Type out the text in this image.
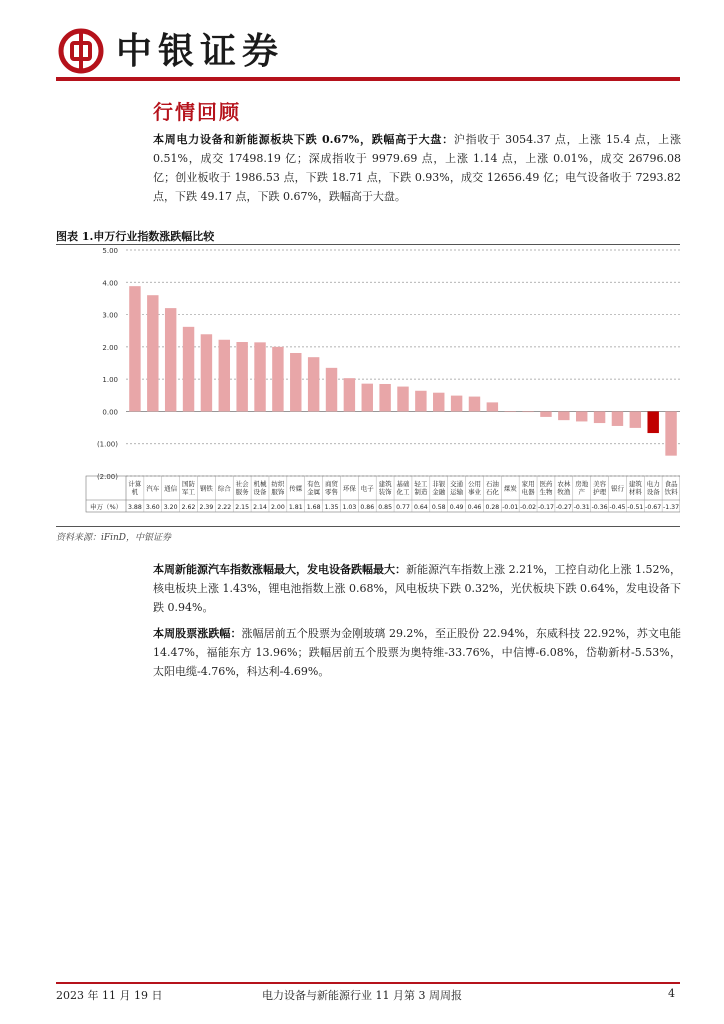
中银证券
行情回顾
本周电力设备和新能源板块下跌 0.67%，跌幅高于大盘：沪指收于 3054.37 点，上涨 15.4 点，上涨 0.51%，成交 17498.19 亿；深成指收于 9979.69 点，上涨 1.14 点，上涨 0.01%，成交 26796.08 亿；创业板收于 1986.53 点，下跌 18.71 点，下跌 0.93%，成交 12656.49 亿；电气设备收于 7293.82 点，下跌 49.17 点，下跌 0.67%，跌幅高于大盘。
图表 1.申万行业指数涨跌幅比较
5.00
4.00
3.00
2.00
1.00
0.00
(1.00)
(2.00)
申万（%）
计算机
3.88
汽车
3.60
通信
3.20
国防军工
2.62
钢铁
2.39
综合
2.22
社会服务
2.15
机械设备
2.14
纺织服饰
2.00
传媒
1.81
有色金属
1.68
商贸零售
1.35
环保
1.03
电子
0.86
建筑装饰
0.85
基础化工
0.77
轻工制造
0.64
非银金融
0.58
交通运输
0.49
公用事业
0.46
石油石化
0.28
煤炭
-0.01
家用电器
-0.02
医药生物
-0.17
农林牧渔
-0.27
房地产
-0.31
美容护理
-0.36
银行
-0.45
建筑材料
-0.51
电力设备
-0.67
食品饮料
-1.37
资料来源：iFinD，中银证券
本周新能源汽车指数涨幅最大，发电设备跌幅最大：新能源汽车指数上涨 2.21%，工控自动化上涨 1.52%，核电板块上涨 1.43%，锂电池指数上涨 0.68%，风电板块下跌 0.32%，光伏板块下跌 0.64%，发电设备下跌 0.94%。
本周股票涨跌幅：涨幅居前五个股票为金刚玻璃 29.2%，至正股份 22.94%，东威科技 22.92%，苏文电能 14.47%，福能东方 13.96%；跌幅居前五个股票为奥特维-33.76%，中信博-6.08%，岱勒新材-5.53%，太阳电缆-4.76%，科达利-4.69%。
2023 年 11 月 19 日	电力设备与新能源行业 11 月第 3 周周报	4
